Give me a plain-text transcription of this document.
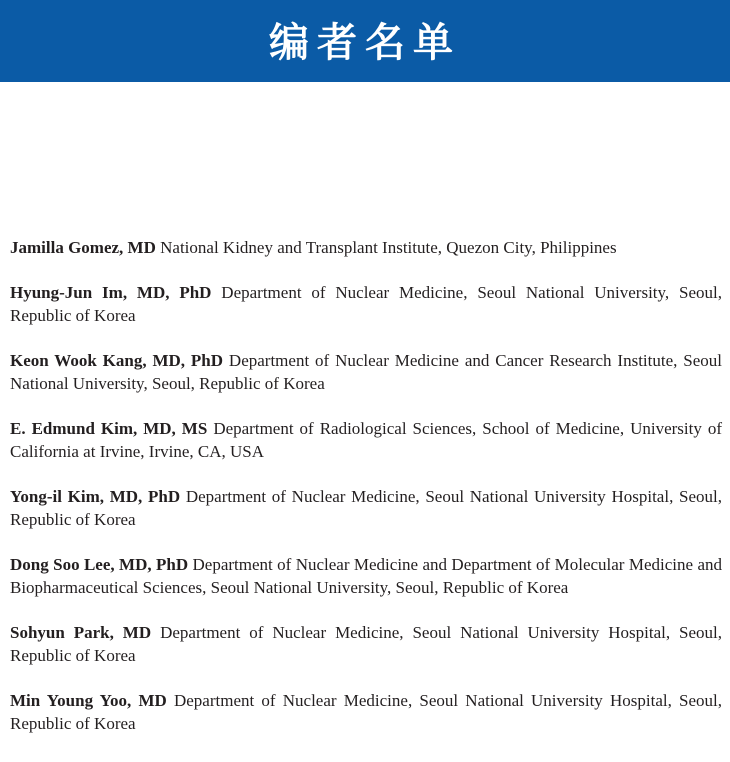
编者名单

Jamilla Gomez, MD National Kidney and Transplant Institute, Quezon City, Philippines

Hyung-Jun Im, MD, PhD Department of Nuclear Medicine, Seoul National University, Seoul, Republic of Korea

Keon Wook Kang, MD, PhD Department of Nuclear Medicine and Cancer Research Institute, Seoul National University, Seoul, Republic of Korea

E. Edmund Kim, MD, MS Department of Radiological Sciences, School of Medicine, University of California at Irvine, Irvine, CA, USA

Yong-il Kim, MD, PhD Department of Nuclear Medicine, Seoul National University Hospital, Seoul, Republic of Korea

Dong Soo Lee, MD, PhD Department of Nuclear Medicine and Department of Molecular Medicine and Biopharmaceutical Sciences, Seoul National University, Seoul, Republic of Korea

Sohyun Park, MD Department of Nuclear Medicine, Seoul National University Hospital, Seoul, Republic of Korea

Min Young Yoo, MD Department of Nuclear Medicine, Seoul National University Hospital, Seoul, Republic of Korea
